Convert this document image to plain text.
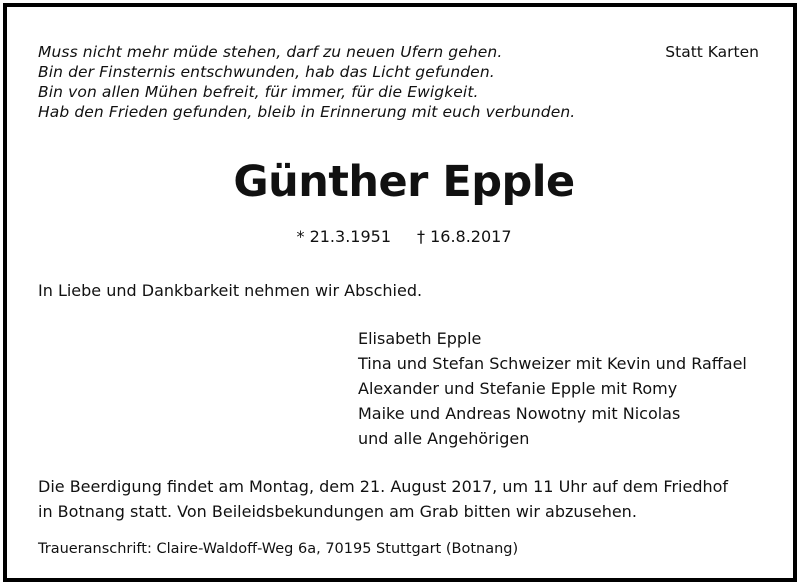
Muss nicht mehr müde stehen, darf zu neuen Ufern gehen.
Bin der Finsternis entschwunden, hab das Licht gefunden.
Bin von allen Mühen befreit, für immer, für die Ewigkeit.
Hab den Frieden gefunden, bleib in Erinnerung mit euch verbunden.
Statt Karten
Günther Epple
* 21.3.1951 † 16.8.2017
In Liebe und Dankbarkeit nehmen wir Abschied.
Elisabeth Epple
Tina und Stefan Schweizer mit Kevin und Raffael
Alexander und Stefanie Epple mit Romy
Maike und Andreas Nowotny mit Nicolas
und alle Angehörigen
Die Beerdigung findet am Montag, dem 21. August 2017, um 11 Uhr auf dem Friedhof
in Botnang statt. Von Beileidsbekundungen am Grab bitten wir abzusehen.
Traueranschrift: Claire-Waldoff-Weg 6a, 70195 Stuttgart (Botnang)
